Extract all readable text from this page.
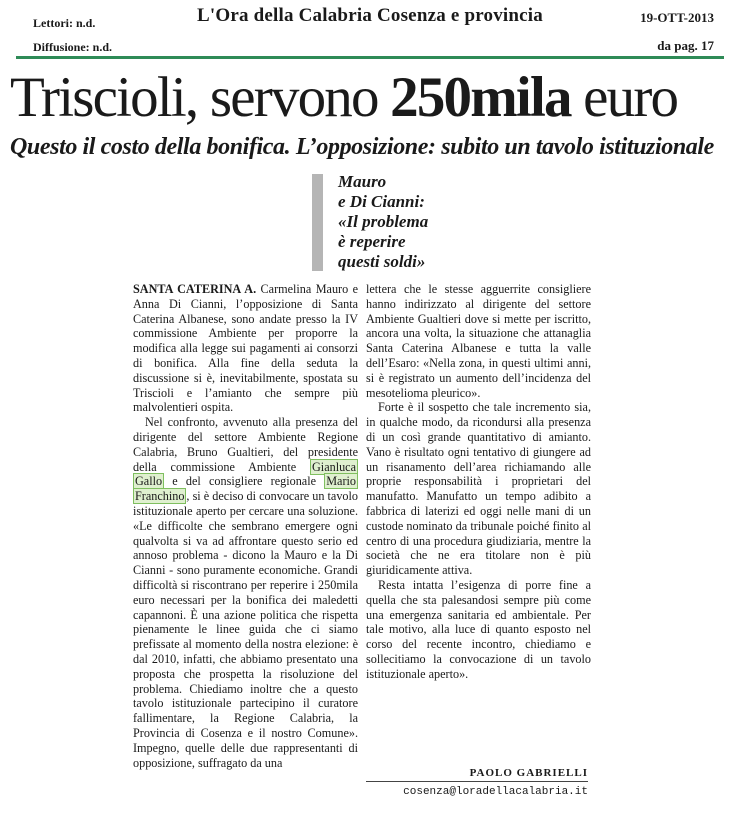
Lettori: n.d.
Diffusione: n.d.
L'Ora della Calabria Cosenza e provincia	19-OTT-2013
da pag. 17
Triscioli, servono 250mila euro
Questo il costo della bonifica. L’opposizione: subito un tavolo istituzionale
Mauro
e Di Cianni:
«Il problema
è reperire
questi soldi»

SANTA CATERINA A. Carmelina Mauro e Anna Di Cianni, l’opposizione di Santa Caterina Albanese, sono andate presso la IV commissione Ambiente per proporre la modifica alla legge sui pagamenti ai consorzi di bonifica. Alla fine della seduta la discussione si è, inevitabilmente, spostata su Triscioli e l’amianto che sempre più malvolentieri ospita.

Nel confronto, avvenuto alla presenza del dirigente del settore Ambiente Regione Calabria, Bruno Gualtieri, del presidente della commissione Ambiente Gianluca Gallo e del consigliere regionale Mario Franchino , si è deciso di convocare un tavolo istituzionale aperto per cercare una soluzione. «Le difficolte che sembrano emergere ogni qualvolta si va ad affrontare questo serio ed annoso problema - dicono la Mauro e la Di Cianni - sono puramente economiche. Grandi difficoltà si riscontrano per reperire i 250mila euro necessari per la bonifica dei maledetti capannoni. È una azione politica che rispetta pienamente le linee guida che ci siamo prefissate al momento della nostra elezione: è dal 2010, infatti, che abbiamo presentato una proposta che prospetta la risoluzione del problema. Chiediamo inoltre che a questo tavolo istituzionale partecipino il curatore fallimentare, la Regione Calabria, la Provincia di Cosenza e il nostro Comune». Impegno, quelle delle due rappresentanti di opposizione, suffragato da una

lettera che le stesse agguerrite consigliere hanno indirizzato al dirigente del settore Ambiente Gualtieri dove si mette per iscritto, ancora una volta, la situazione che attanaglia Santa Caterina Albanese e tutta la valle dell’Esaro: «Nella zona, in questi ultimi anni, si è registrato un aumento dell’incidenza del mesotelioma pleurico».

Forte è il sospetto che tale incremento sia, in qualche modo, da ricondursi alla presenza di un così grande quantitativo di amianto. Vano è risultato ogni tentativo di giungere ad un risanamento dell’area richiamando alle proprie responsabilità i proprietari del manufatto. Manufatto un tempo adibito a fabbrica di laterizi ed oggi nelle mani di un custode nominato da tribunale poiché finito al centro di una procedura giudiziaria, mentre la società che ne era titolare non è più giuridicamente attiva.

Resta intatta l’esigenza di porre fine a quella che sta palesandosi sempre più come una emergenza sanitaria ed ambientale. Per tale motivo, alla luce di quanto esposto nel corso del recente incontro, chiediamo e sollecitiamo la convocazione di un tavolo istituzionale aperto».

PAOLO GABRIELLI
cosenza@loradellacalabria.it
